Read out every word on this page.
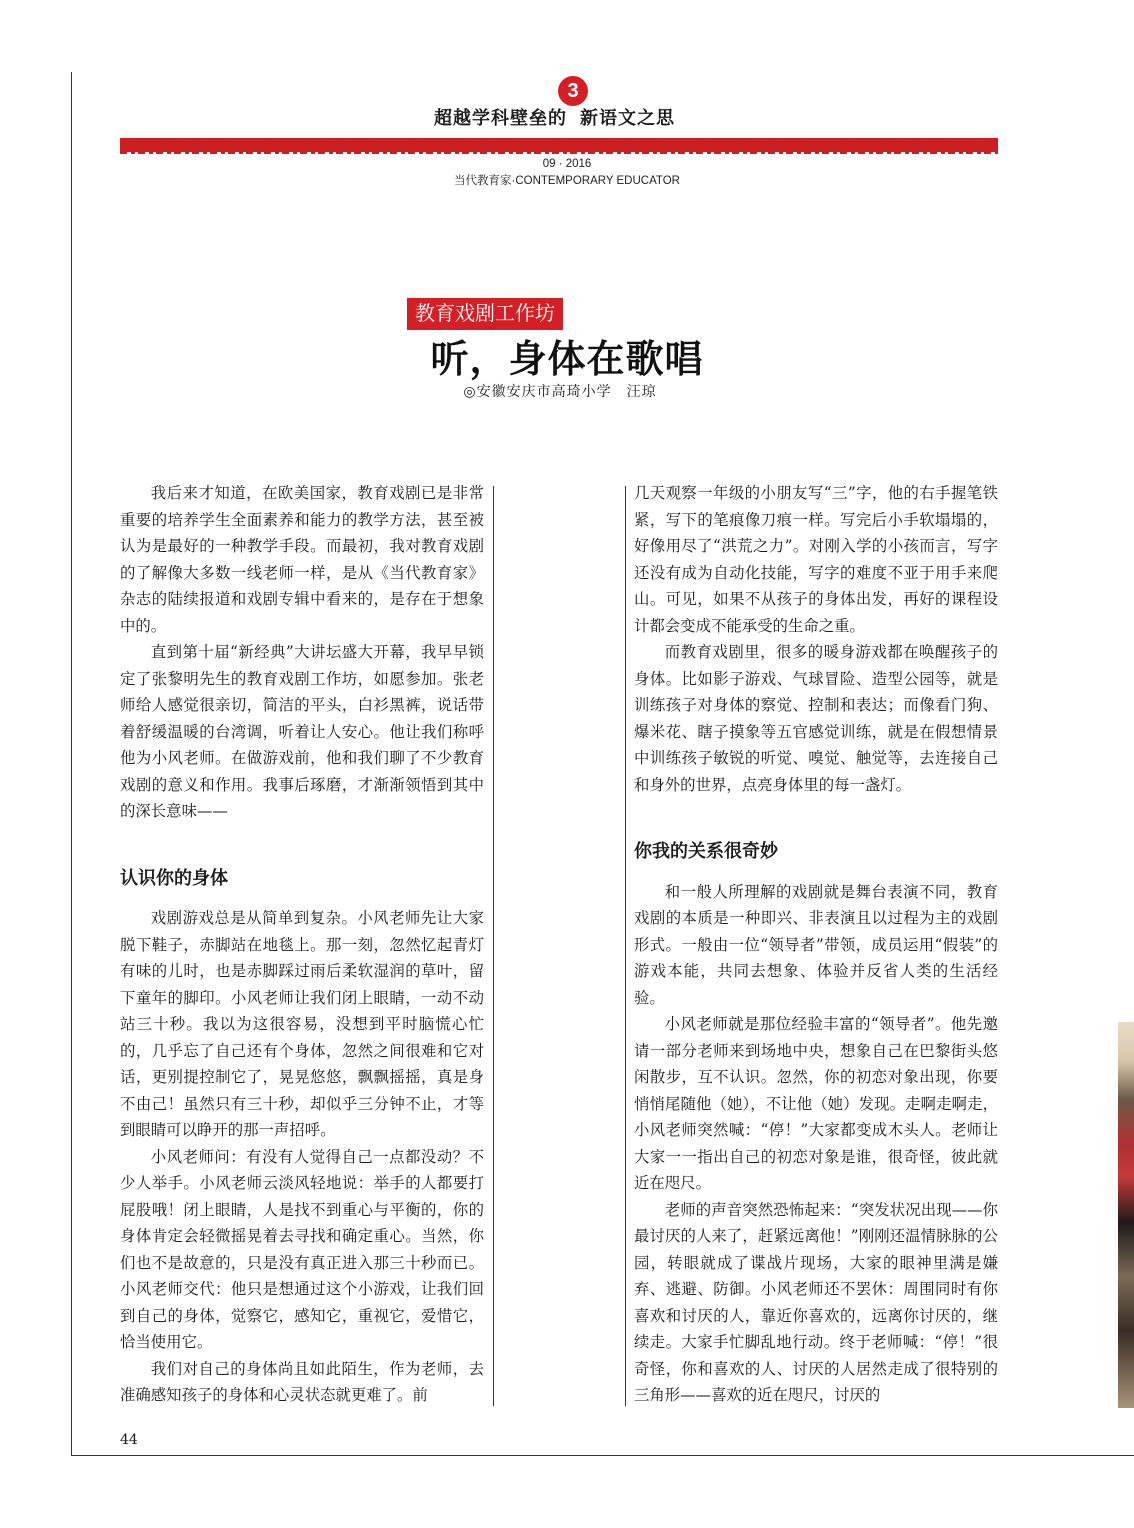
超越学科壁垒的
3
新语文之思
09 · 2016
当代教育家·CONTEMPORARY EDUCATOR
教育戏剧工作坊
听，身体在歌唱
◎安徽安庆市高琦小学　汪琼

我后来才知道，在欧美国家，教育戏剧已是非常重要的培养学生全面素养和能力的教学方法，甚至被认为是最好的一种教学手段。而最初，我对教育戏剧的了解像大多数一线老师一样，是从《当代教育家》杂志的陆续报道和戏剧专辑中看来的，是存在于想象中的。

直到第十届“新经典”大讲坛盛大开幕，我早早锁定了张黎明先生的教育戏剧工作坊，如愿参加。张老师给人感觉很亲切，简洁的平头，白衫黑裤，说话带着舒缓温暖的台湾调，听着让人安心。他让我们称呼他为小风老师。在做游戏前，他和我们聊了不少教育戏剧的意义和作用。我事后琢磨，才渐渐领悟到其中的深长意味——

认识你的身体

戏剧游戏总是从简单到复杂。小风老师先让大家脱下鞋子，赤脚站在地毯上。那一刻，忽然忆起青灯有味的儿时，也是赤脚踩过雨后柔软湿润的草叶，留下童年的脚印。小风老师让我们闭上眼睛，一动不动站三十秒。我以为这很容易，没想到平时脑慌心忙的，几乎忘了自己还有个身体，忽然之间很难和它对话，更别提控制它了，晃晃悠悠，飘飘摇摇，真是身不由己！虽然只有三十秒，却似乎三分钟不止，才等到眼睛可以睁开的那一声招呼。

小风老师问：有没有人觉得自己一点都没动？不少人举手。小风老师云淡风轻地说：举手的人都要打屁股哦！闭上眼睛，人是找不到重心与平衡的，你的身体肯定会轻微摇晃着去寻找和确定重心。当然，你们也不是故意的，只是没有真正进入那三十秒而已。小风老师交代：他只是想通过这个小游戏，让我们回到自己的身体，觉察它，感知它，重视它，爱惜它，恰当使用它。

我们对自己的身体尚且如此陌生，作为老师，去准确感知孩子的身体和心灵状态就更难了。前

几天观察一年级的小朋友写“三”字，他的右手握笔铁紧，写下的笔痕像刀痕一样。写完后小手软塌塌的，好像用尽了“洪荒之力”。对刚入学的小孩而言，写字还没有成为自动化技能，写字的难度不亚于用手来爬山。可见，如果不从孩子的身体出发，再好的课程设计都会变成不能承受的生命之重。

而教育戏剧里，很多的暖身游戏都在唤醒孩子的身体。比如影子游戏、气球冒险、造型公园等，就是训练孩子对身体的察觉、控制和表达；而像看门狗、爆米花、瞎子摸象等五官感觉训练，就是在假想情景中训练孩子敏锐的听觉、嗅觉、触觉等，去连接自己和身外的世界，点亮身体里的每一盏灯。

你我的关系很奇妙

和一般人所理解的戏剧就是舞台表演不同，教育戏剧的本质是一种即兴、非表演且以过程为主的戏剧形式。一般由一位“领导者”带领，成员运用“假装”的游戏本能，共同去想象、体验并反省人类的生活经验。

小风老师就是那位经验丰富的“领导者”。他先邀请一部分老师来到场地中央，想象自己在巴黎街头悠闲散步，互不认识。忽然，你的初恋对象出现，你要悄悄尾随他（她），不让他（她）发现。走啊走啊走，小风老师突然喊：“停！”大家都变成木头人。老师让大家一一指出自己的初恋对象是谁，很奇怪，彼此就近在咫尺。

老师的声音突然恐怖起来：“突发状况出现——你最讨厌的人来了，赶紧远离他！”刚刚还温情脉脉的公园，转眼就成了谍战片现场，大家的眼神里满是嫌弃、逃避、防御。小风老师还不罢休：周围同时有你喜欢和讨厌的人，靠近你喜欢的，远离你讨厌的，继续走。大家手忙脚乱地行动。终于老师喊：“停！”很奇怪，你和喜欢的人、讨厌的人居然走成了很特别的三角形——喜欢的近在咫尺，讨厌的

44
